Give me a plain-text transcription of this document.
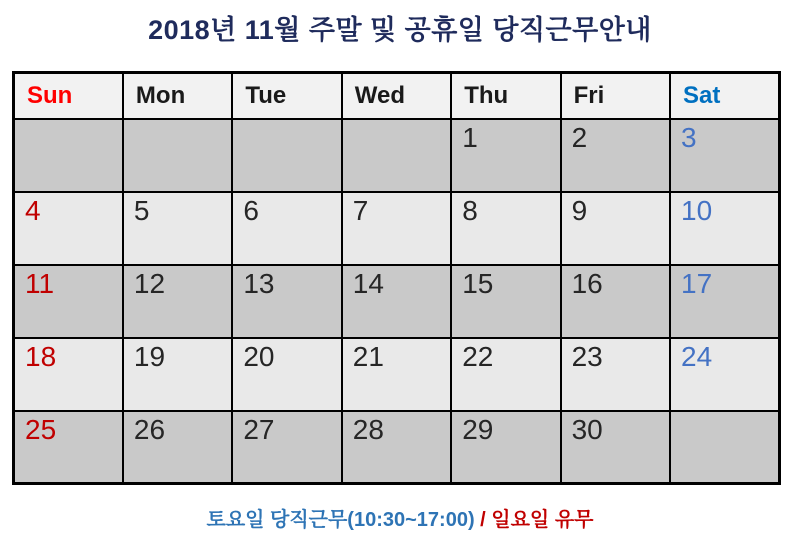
2018년 11월 주말 및 공휴일 당직근무안내
Sun	Mon	Tue	Wed	Thu	Fri	Sat
				1	2	3
4	5	6	7	8	9	10
11	12	13	14	15	16	17
18	19	20	21	22	23	24
25	26	27	28	29	30	
토요일 당직근무(10:30~17:00) / 일요일 유무
